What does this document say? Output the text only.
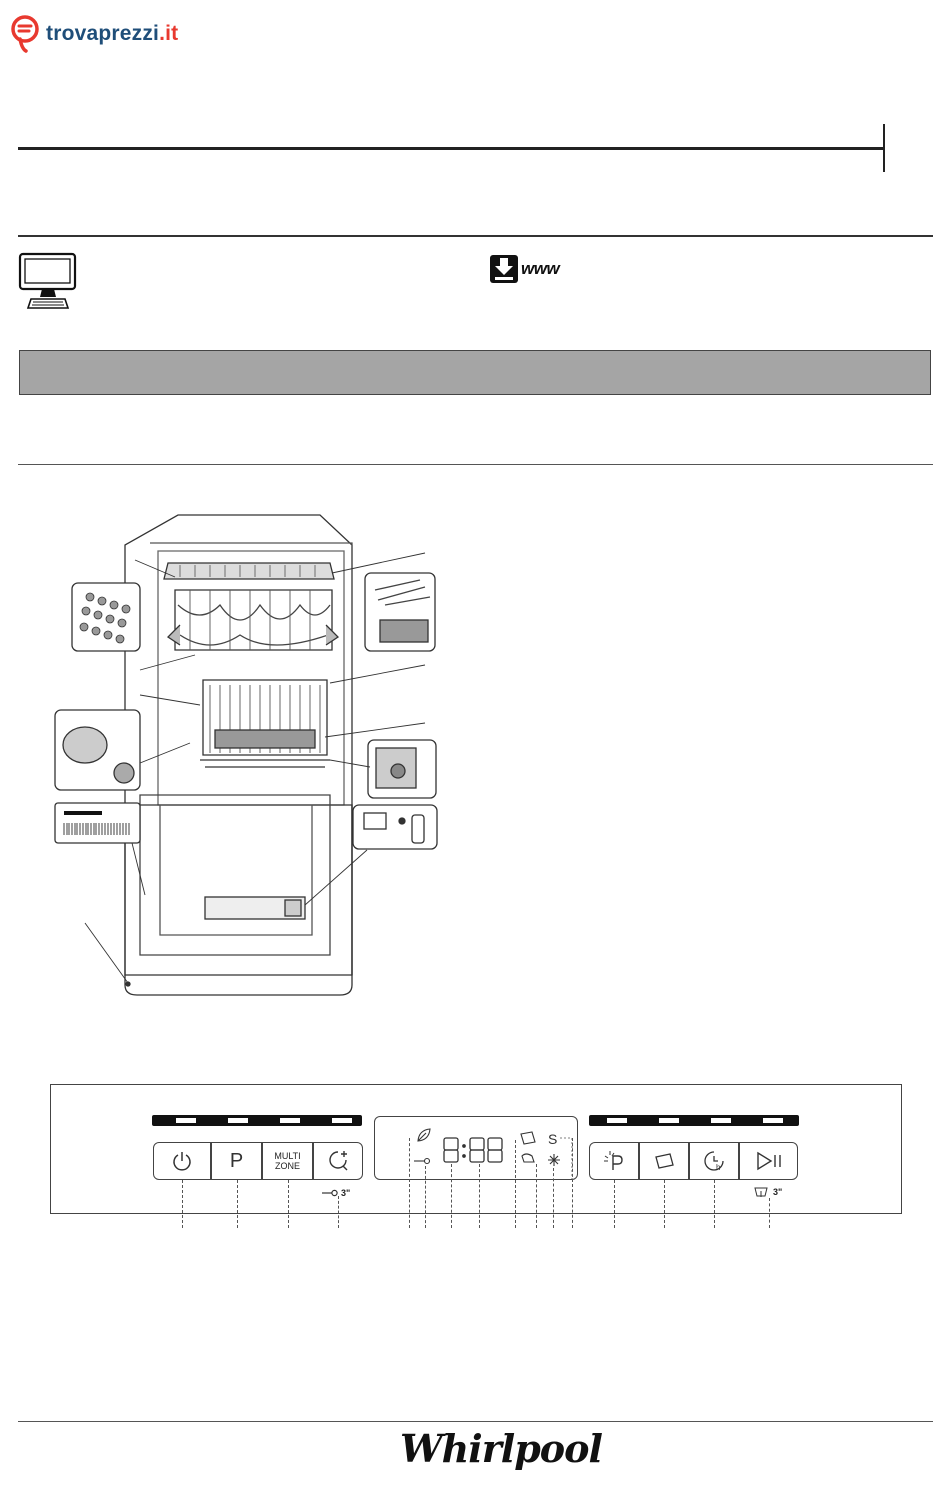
trovaprezzi.it
www
P	MULTI
ZONE
3"
S
h
3"
Whirlpool
